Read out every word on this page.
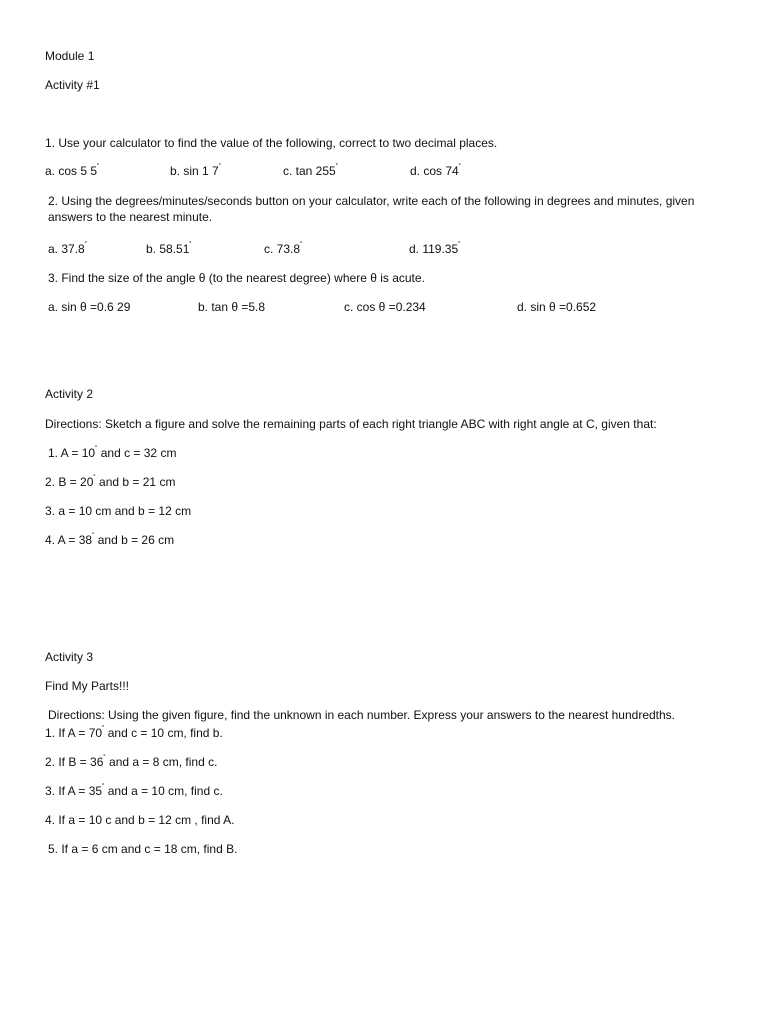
Module 1
Activity #1
1. Use your calculator to find the value of the following, correct to two decimal places.
a. cos 5 5˚	b. sin 1 7˚	c. tan 255˚	d. cos 74˚
2. Using the degrees/minutes/seconds button on your calculator, write each of the following in degrees and minutes, given answers to the nearest minute.
a. 37.8˚	b. 58.51˚	c. 73.8˚	d. 119.35˚
3. Find the size of the angle θ (to the nearest degree) where θ is acute.
a. sin θ =0.6 29	b. tan θ =5.8	c. cos θ =0.234	d. sin θ =0.652
Activity 2
Directions: Sketch a figure and solve the remaining parts of each right triangle ABC with right angle at C, given that:
1. A = 10˚ and c = 32 cm
2. B = 20˚ and b = 21 cm
3. a = 10 cm and b = 12 cm
4. A = 38˚ and b = 26 cm
Activity 3
Find My Parts!!!
Directions: Using the given figure, find the unknown in each number. Express your answers to the nearest hundredths.
1. If A = 70˚ and c = 10 cm, find b.
2. If B = 36˚ and a = 8 cm, find c.
3. If A = 35˚ and a = 10 cm, find c.
4. If a = 10 c and b = 12 cm , find A.
5. If a = 6 cm and c = 18 cm, find B.
